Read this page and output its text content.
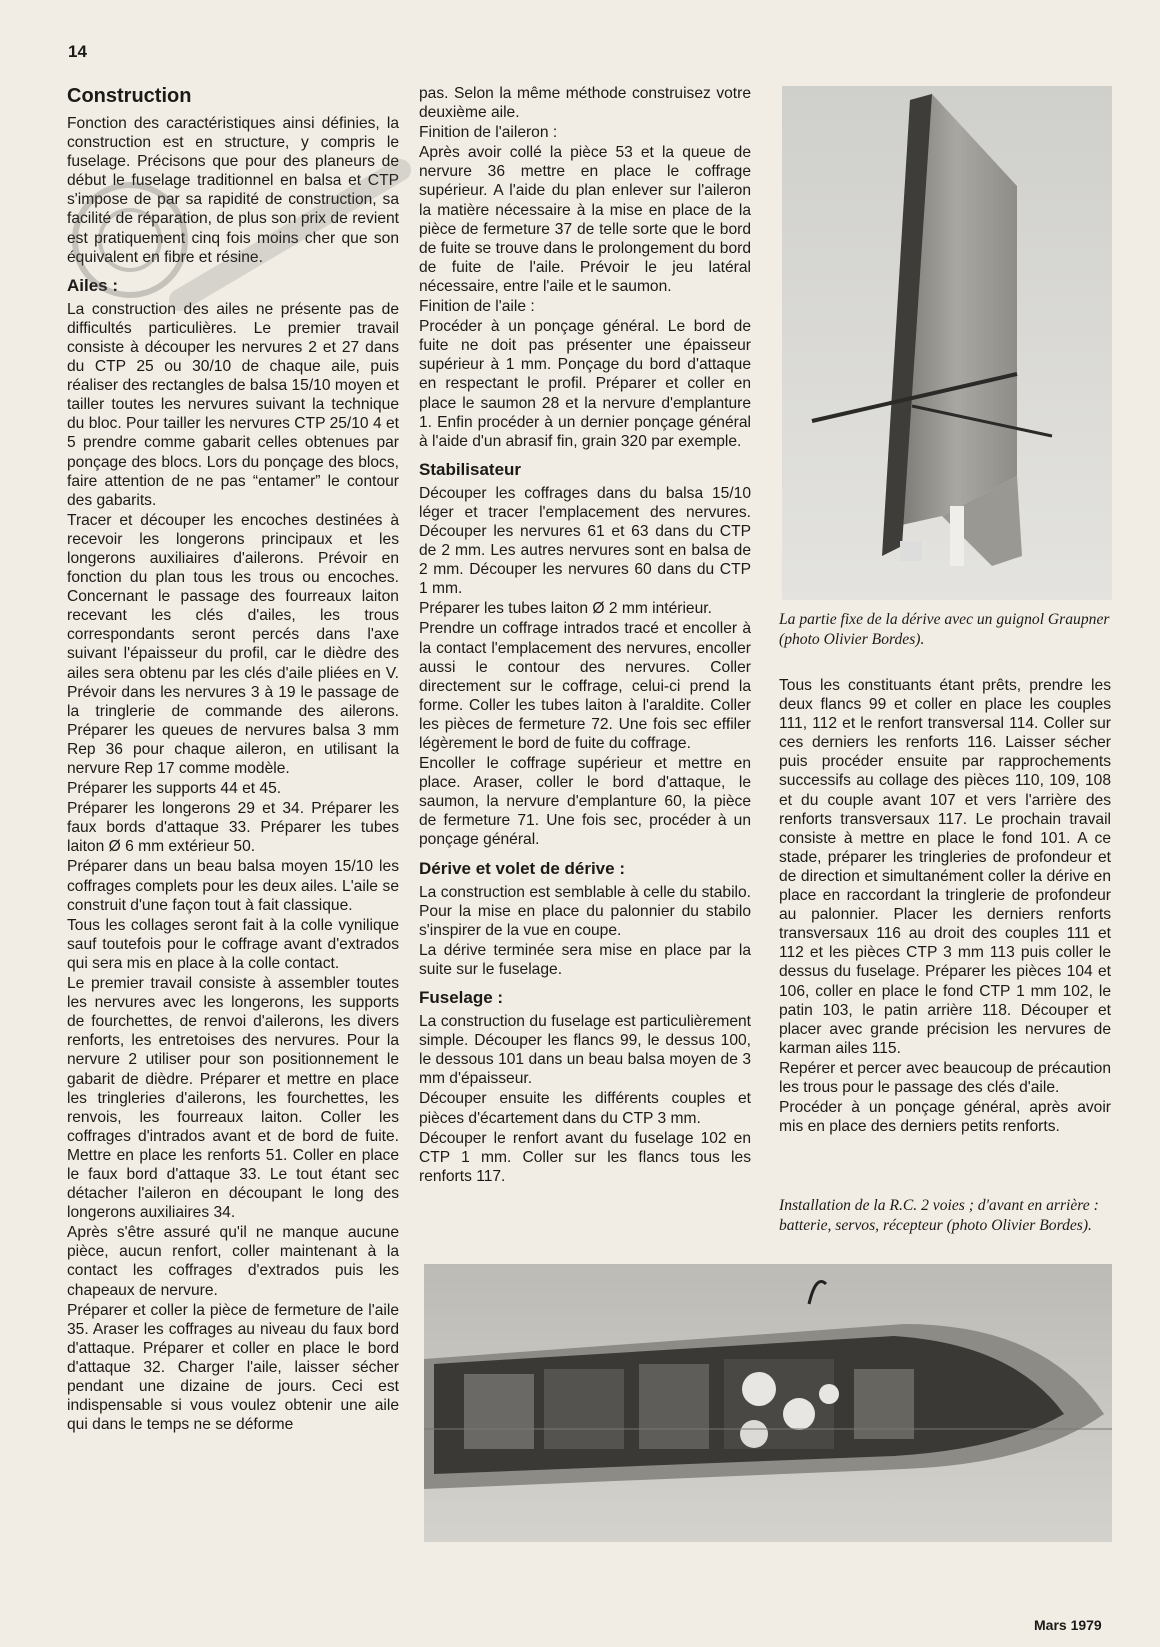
14
Construction

Fonction des caractéristiques ainsi définies, la construction est en structure, y compris le fuselage. Précisons que pour des planeurs de début le fuselage traditionnel en balsa et CTP s'impose de par sa rapidité de construction, sa facilité de réparation, de plus son prix de revient est pratiquement cinq fois moins cher que son équivalent en fibre et résine.

Ailes :

La construction des ailes ne présente pas de difficultés particulières. Le premier travail consiste à découper les nervures 2 et 27 dans du CTP 25 ou 30/10 de chaque aile, puis réaliser des rectangles de balsa 15/10 moyen et tailler toutes les nervures suivant la technique du bloc. Pour tailler les nervures CTP 25/10 4 et 5 prendre comme gabarit celles obtenues par ponçage des blocs. Lors du ponçage des blocs, faire attention de ne pas “entamer” le contour des gabarits.

Tracer et découper les encoches destinées à recevoir les longerons principaux et les longerons auxiliaires d'ailerons. Prévoir en fonction du plan tous les trous ou encoches. Concernant le passage des fourreaux laiton recevant les clés d'ailes, les trous correspondants seront percés dans l'axe suivant l'épaisseur du profil, car le dièdre des ailes sera obtenu par les clés d'aile pliées en V. Prévoir dans les nervures 3 à 19 le passage de la tringlerie de commande des ailerons. Préparer les queues de nervures balsa 3 mm Rep 36 pour chaque aileron, en utilisant la nervure Rep 17 comme modèle.

Préparer les supports 44 et 45.

Préparer les longerons 29 et 34. Préparer les faux bords d'attaque 33. Préparer les tubes laiton Ø 6 mm extérieur 50.

Préparer dans un beau balsa moyen 15/10 les coffrages complets pour les deux ailes. L'aile se construit d'une façon tout à fait classique.

Tous les collages seront fait à la colle vynilique sauf toutefois pour le coffrage avant d'extrados qui sera mis en place à la colle contact.

Le premier travail consiste à assembler toutes les nervures avec les longerons, les supports de fourchettes, de renvoi d'ailerons, les divers renforts, les entretoises des nervures. Pour la nervure 2 utiliser pour son positionnement le gabarit de dièdre. Préparer et mettre en place les tringleries d'ailerons, les fourchettes, les renvois, les fourreaux laiton. Coller les coffrages d'intrados avant et de bord de fuite. Mettre en place les renforts 51. Coller en place le faux bord d'attaque 33. Le tout étant sec détacher l'aileron en découpant le long des longerons auxiliaires 34.

Après s'être assuré qu'il ne manque aucune pièce, aucun renfort, coller maintenant à la contact les coffrages d'extrados puis les chapeaux de nervure.

Préparer et coller la pièce de fermeture de l'aile 35. Araser les coffrages au niveau du faux bord d'attaque. Préparer et coller en place le bord d'attaque 32. Charger l'aile, laisser sécher pendant une dizaine de jours. Ceci est indispensable si vous voulez obtenir une aile qui dans le temps ne se déforme

pas. Selon la même méthode construisez votre deuxième aile.

Finition de l'aileron :

Après avoir collé la pièce 53 et la queue de nervure 36 mettre en place le coffrage supérieur. A l'aide du plan enlever sur l'aileron la matière nécessaire à la mise en place de la pièce de fermeture 37 de telle sorte que le bord de fuite se trouve dans le prolongement du bord de fuite de l'aile. Prévoir le jeu latéral nécessaire, entre l'aile et le saumon.

Finition de l'aile :

Procéder à un ponçage général. Le bord de fuite ne doit pas présenter une épaisseur supérieur à 1 mm. Ponçage du bord d'attaque en respectant le profil. Préparer et coller en place le saumon 28 et la nervure d'emplanture 1. Enfin procéder à un dernier ponçage général à l'aide d'un abrasif fin, grain 320 par exemple.

Stabilisateur

Découper les coffrages dans du balsa 15/10 léger et tracer l'emplacement des nervures. Découper les nervures 61 et 63 dans du CTP de 2 mm. Les autres nervures sont en balsa de 2 mm. Découper les nervures 60 dans du CTP 1 mm.

Préparer les tubes laiton Ø 2 mm intérieur.

Prendre un coffrage intrados tracé et encoller à la contact l'emplacement des nervures, encoller aussi le contour des nervures. Coller directement sur le coffrage, celui-ci prend la forme. Coller les tubes laiton à l'araldite. Coller les pièces de fermeture 72. Une fois sec effiler légèrement le bord de fuite du coffrage.

Encoller le coffrage supérieur et mettre en place. Araser, coller le bord d'attaque, le saumon, la nervure d'emplanture 60, la pièce de fermeture 71. Une fois sec, procéder à un ponçage général.

Dérive et volet de dérive :

La construction est semblable à celle du stabilo. Pour la mise en place du palonnier du stabilo s'inspirer de la vue en coupe.

La dérive terminée sera mise en place par la suite sur le fuselage.

Fuselage :

La construction du fuselage est particulièrement simple. Découper les flancs 99, le dessus 100, le dessous 101 dans un beau balsa moyen de 3 mm d'épaisseur.

Découper ensuite les différents couples et pièces d'écartement dans du CTP 3 mm.

Découper le renfort avant du fuselage 102 en CTP 1 mm. Coller sur les flancs tous les renforts 117.

La partie fixe de la dérive avec un guignol Graupner (photo Olivier Bordes).

Tous les constituants étant prêts, prendre les deux flancs 99 et coller en place les couples 111, 112 et le renfort transversal 114. Coller sur ces derniers les renforts 116. Laisser sécher puis procéder ensuite par rapprochements successifs au collage des pièces 110, 109, 108 et du couple avant 107 et vers l'arrière des renforts transversaux 117. Le prochain travail consiste à mettre en place le fond 101. A ce stade, préparer les tringleries de profondeur et de direction et simultanément coller la dérive en place en raccordant la tringlerie de profondeur au palonnier. Placer les derniers renforts transversaux 116 au droit des couples 111 et 112 et les pièces CTP 3 mm 113 puis coller le dessus du fuselage. Préparer les pièces 104 et 106, coller en place le fond CTP 1 mm 102, le patin 103, le patin arrière 118. Découper et placer avec grande précision les nervures de karman ailes 115.

Repérer et percer avec beaucoup de précaution les trous pour le passage des clés d'aile.

Procéder à un ponçage général, après avoir mis en place des derniers petits renforts.

Installation de la R.C. 2 voies ; d'avant en arrière : batterie, servos, récepteur (photo Olivier Bordes).
Mars 1979
